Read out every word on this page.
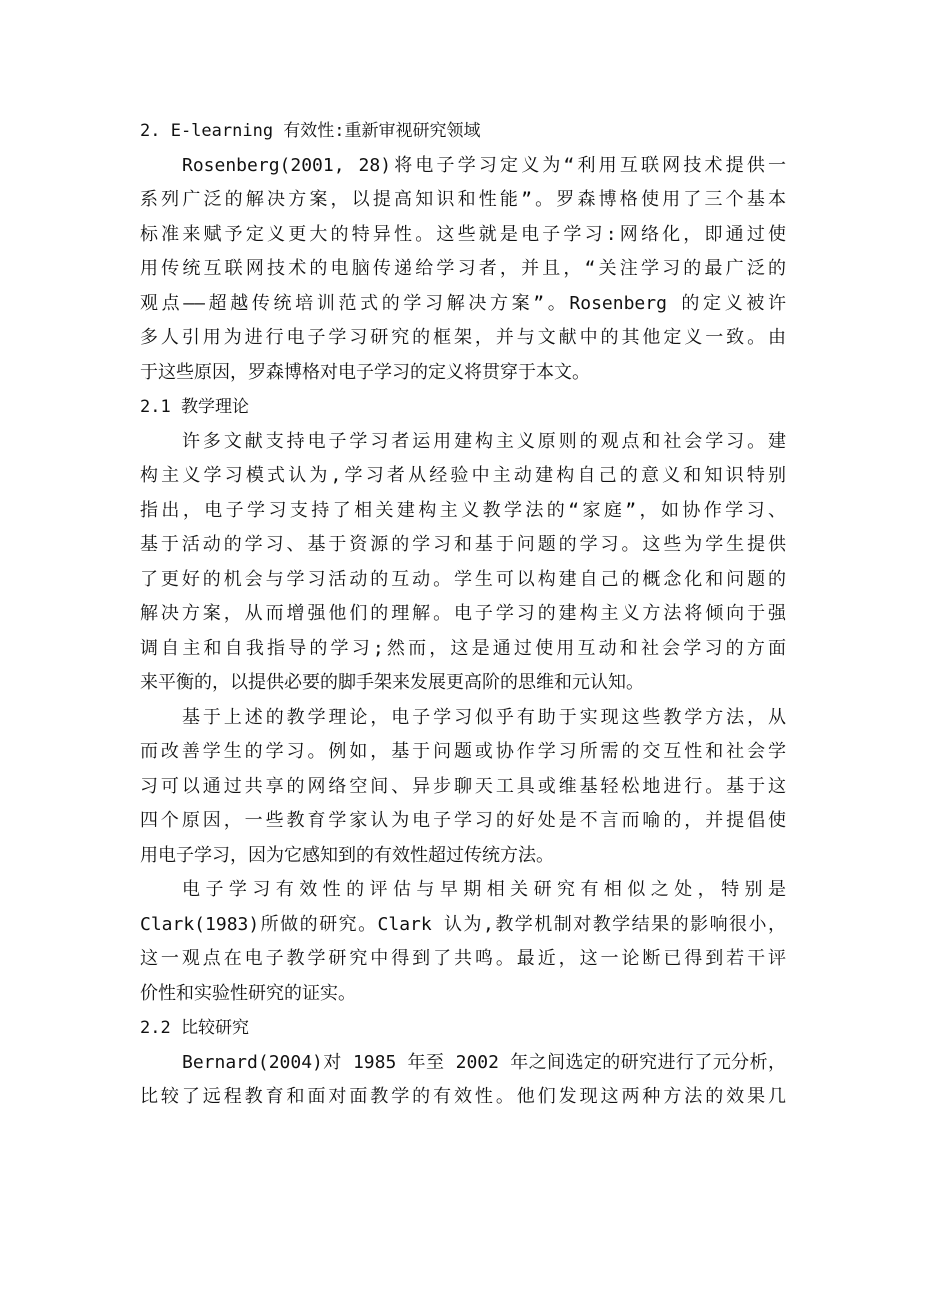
2. E-learning 有效性:重新审视研究领域
Rosenberg(2001, 28)将电子学习定义为“利用互联网技术提供一
系列广泛的解决方案，以提高知识和性能”。罗森博格使用了三个基本
标准来赋予定义更大的特异性。这些就是电子学习:网络化，即通过使
用传统互联网技术的电脑传递给学习者，并且，“关注学习的最广泛的
观点——超越传统培训范式的学习解决方案”。Rosenberg 的定义被许
多人引用为进行电子学习研究的框架，并与文献中的其他定义一致。由
于这些原因，罗森博格对电子学习的定义将贯穿于本文。
2.1 教学理论
许多文献支持电子学习者运用建构主义原则的观点和社会学习。建
构主义学习模式认为,学习者从经验中主动建构自己的意义和知识特别
指出，电子学习支持了相关建构主义教学法的“家庭”，如协作学习、
基于活动的学习、基于资源的学习和基于问题的学习。这些为学生提供
了更好的机会与学习活动的互动。学生可以构建自己的概念化和问题的
解决方案，从而增强他们的理解。电子学习的建构主义方法将倾向于强
调自主和自我指导的学习;然而，这是通过使用互动和社会学习的方面
来平衡的，以提供必要的脚手架来发展更高阶的思维和元认知。
基于上述的教学理论，电子学习似乎有助于实现这些教学方法，从
而改善学生的学习。例如，基于问题或协作学习所需的交互性和社会学
习可以通过共享的网络空间、异步聊天工具或维基轻松地进行。基于这
四个原因，一些教育学家认为电子学习的好处是不言而喻的，并提倡使
用电子学习，因为它感知到的有效性超过传统方法。
电子学习有效性的评估与早期相关研究有相似之处，特别是
Clark(1983)所做的研究。Clark 认为,教学机制对教学结果的影响很小，
这一观点在电子教学研究中得到了共鸣。最近，这一论断已得到若干评
价性和实验性研究的证实。
2.2 比较研究
Bernard(2004)对 1985 年至 2002 年之间选定的研究进行了元分析，
比较了远程教育和面对面教学的有效性。他们发现这两种方法的效果几
